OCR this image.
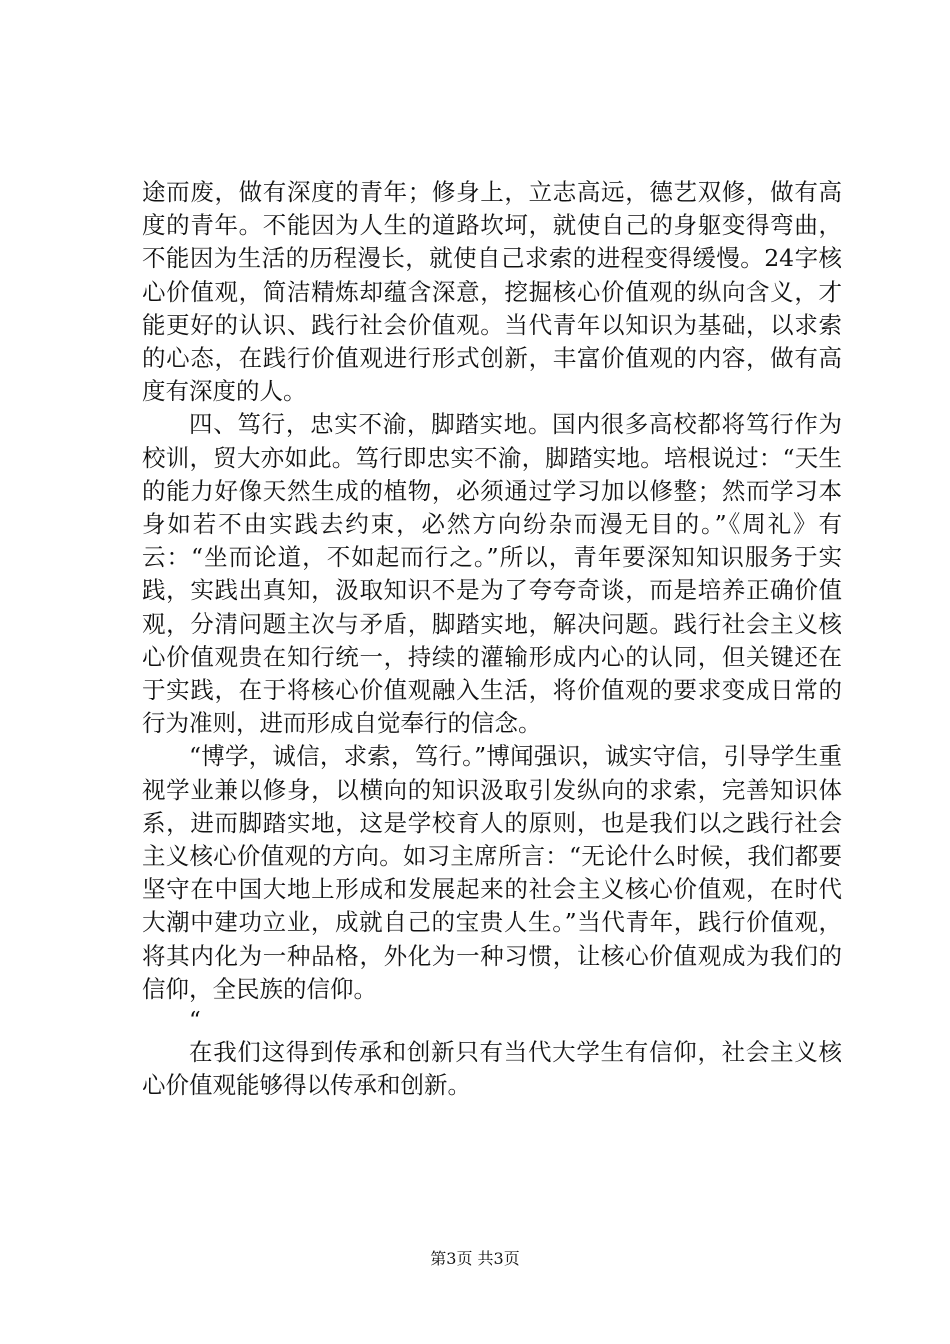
途而废，做有深度的青年；修身上，立志高远，德艺双修，做有高度的青年。不能因为人生的道路坎坷，就使自己的身躯变得弯曲，不能因为生活的历程漫长，就使自己求索的进程变得缓慢。24字核心价值观，简洁精炼却蕴含深意，挖掘核心价值观的纵向含义，才能更好的认识、践行社会价值观。当代青年以知识为基础，以求索的心态，在践行价值观进行形式创新，丰富价值观的内容，做有高度有深度的人。

四、笃行，忠实不渝，脚踏实地。国内很多高校都将笃行作为校训，贸大亦如此。笃行即忠实不渝，脚踏实地。培根说过：“天生的能力好像天然生成的植物，必须通过学习加以修整；然而学习本身如若不由实践去约束，必然方向纷杂而漫无目的。”《周礼》有云：“坐而论道，不如起而行之。”所以，青年要深知知识服务于实践，实践出真知，汲取知识不是为了夸夸奇谈，而是培养正确价值观，分清问题主次与矛盾，脚踏实地，解决问题。践行社会主义核心价值观贵在知行统一，持续的灌输形成内心的认同，但关键还在于实践，在于将核心价值观融入生活，将价值观的要求变成日常的行为准则，进而形成自觉奉行的信念。

“博学，诚信，求索，笃行。”博闻强识，诚实守信，引导学生重视学业兼以修身，以横向的知识汲取引发纵向的求索，完善知识体系，进而脚踏实地，这是学校育人的原则，也是我们以之践行社会主义核心价值观的方向。如习主席所言：“无论什么时候，我们都要坚守在中国大地上形成和发展起来的社会主义核心价值观，在时代大潮中建功立业，成就自己的宝贵人生。”当代青年，践行价值观，将其内化为一种品格，外化为一种习惯，让核心价值观成为我们的信仰，全民族的信仰。

“

在我们这得到传承和创新只有当代大学生有信仰，社会主义核心价值观能够得以传承和创新。

第3页 共3页
